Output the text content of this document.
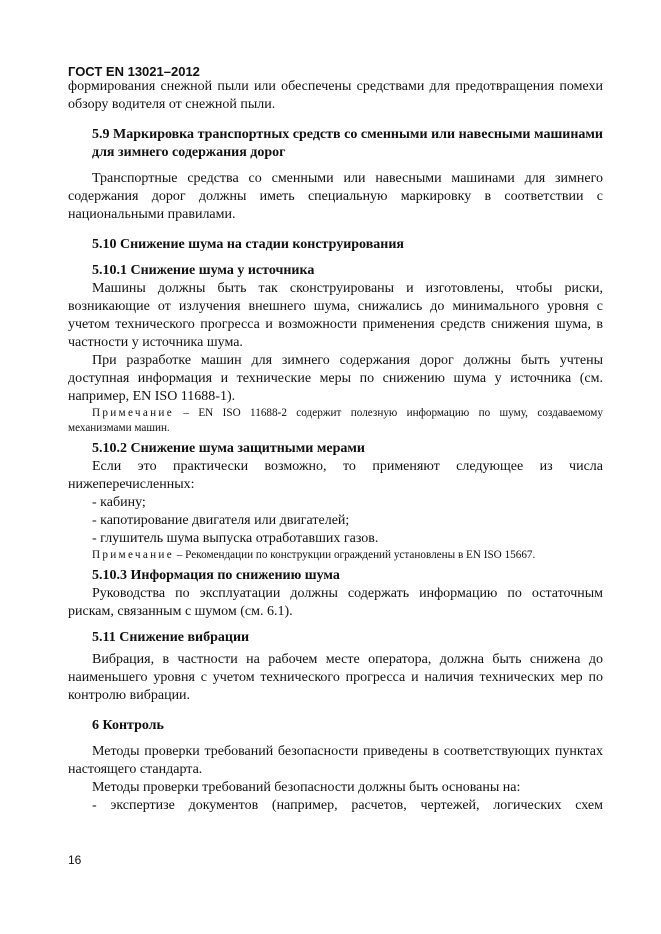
ГОСТ EN 13021–2012

формирования снежной пыли или обеспечены средствами для предотвращения помехи обзору водителя от снежной пыли.

5.9 Маркировка транспортных средств со сменными или навесными машинами для зимнего содержания дорог

Транспортные средства со сменными или навесными машинами для зимнего содержания дорог должны иметь специальную маркировку в соответствии с национальными правилами.

5.10 Снижение шума на стадии конструирования

5.10.1 Снижение шума у источника

Машины должны быть так сконструированы и изготовлены, чтобы риски, возникающие от излучения внешнего шума, снижались до минимального уровня с учетом технического прогресса и возможности применения средств снижения шума, в частности у источника шума.

При разработке машин для зимнего содержания дорог должны быть учтены доступная информация и технические меры по снижению шума у источника (см. например, EN ISO 11688-1).

Примечание – EN ISO 11688-2 содержит полезную информацию по шуму, создаваемому механизмами машин.

5.10.2 Снижение шума защитными мерами

Если это практически возможно, то применяют следующее из числа нижеперечисленных:

- кабину;

- капотирование двигателя или двигателей;

- глушитель шума выпуска отработавших газов.

Примечание – Рекомендации по конструкции ограждений установлены в EN ISO 15667.

5.10.3 Информация по снижению шума

Руководства по эксплуатации должны содержать информацию по остаточным рискам, связанным с шумом (см. 6.1).

5.11 Снижение вибрации

Вибрация, в частности на рабочем месте оператора, должна быть снижена до наименьшего уровня с учетом технического прогресса и наличия технических мер по контролю вибрации.

6 Контроль

Методы проверки требований безопасности приведены в соответствующих пунктах настоящего стандарта.

Методы проверки требований безопасности должны быть основаны на:

- экспертизе документов (например, расчетов, чертежей, логических схем

16
